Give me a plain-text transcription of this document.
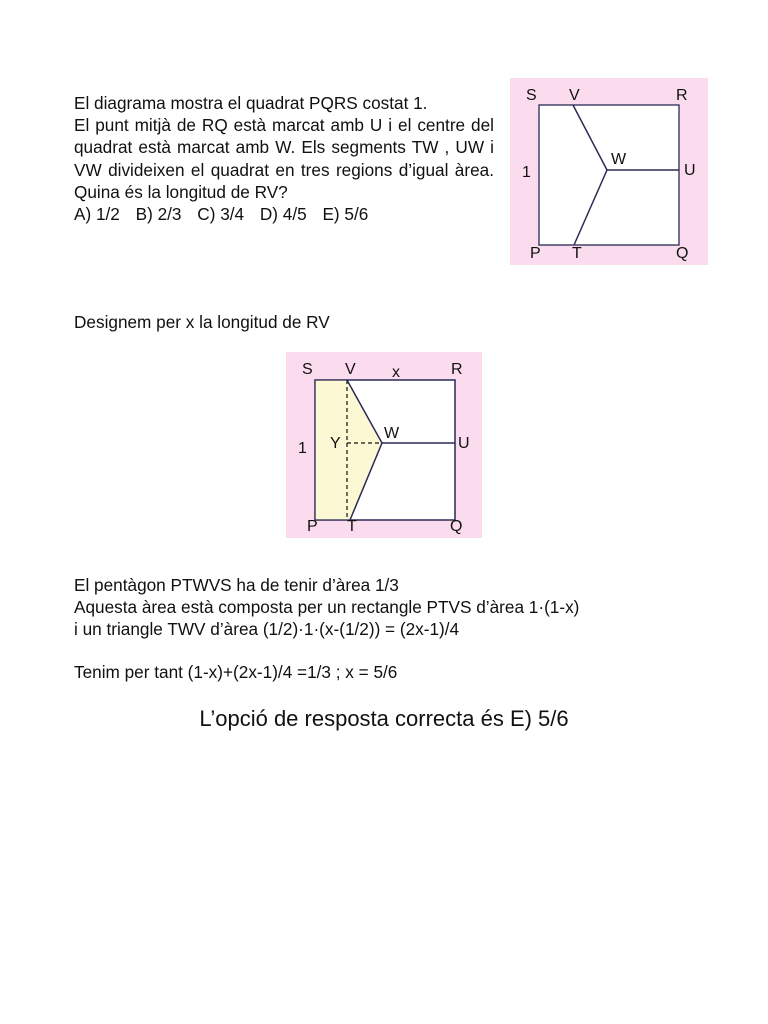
El diagrama mostra el quadrat PQRS costat 1.

El punt mitjà de RQ està marcat amb U i el centre del quadrat està marcat amb W. Els segments TW , UW i VW divideixen el quadrat en tres regions d’igual àrea. Quina és la longitud de RV?

A) 1/2 B) 2/3 C) 3/4 D) 4/5 E) 5/6

S V	R
W
U
1
P T	Q

Designem per x la longitud de RV

S V x	R
W
Y	U
1
P T	Q

El pentàgon PTWVS ha de tenir d’àrea 1/3

Aquesta àrea està composta per un rectangle PTVS d’àrea 1·(1-x)

i un triangle TWV d’àrea (1/2)·1·(x-(1/2)) = (2x-1)/4

Tenim per tant (1-x)+(2x-1)/4 =1/3 ; x = 5/6

L’opció de resposta correcta és E) 5/6
